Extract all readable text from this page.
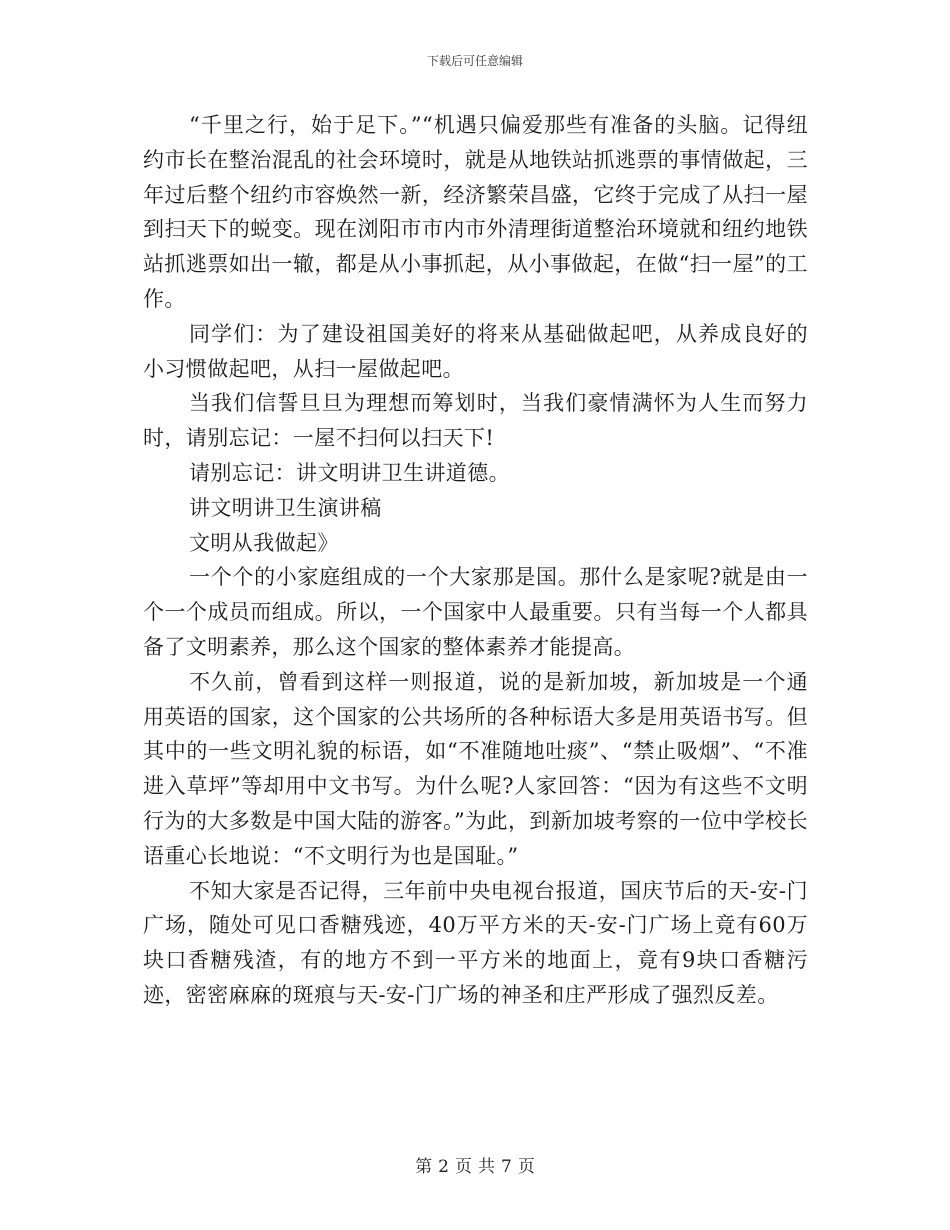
下载后可任意编辑

“千里之行，始于足下。”“机遇只偏爱那些有准备的头脑。记得纽约市长在整治混乱的社会环境时，就是从地铁站抓逃票的事情做起，三年过后整个纽约市容焕然一新，经济繁荣昌盛，它终于完成了从扫一屋到扫天下的蜕变。现在浏阳市市内市外清理街道整治环境就和纽约地铁站抓逃票如出一辙，都是从小事抓起，从小事做起，在做“扫一屋”的工作。

同学们：为了建设祖国美好的将来从基础做起吧，从养成良好的小习惯做起吧，从扫一屋做起吧。

当我们信誓旦旦为理想而筹划时，当我们豪情满怀为人生而努力时，请别忘记：一屋不扫何以扫天下!

请别忘记：讲文明讲卫生讲道德。

讲文明讲卫生演讲稿

文明从我做起》

一个个的小家庭组成的一个大家那是国。那什么是家呢?就是由一个一个成员而组成。所以，一个国家中人最重要。只有当每一个人都具备了文明素养，那么这个国家的整体素养才能提高。

不久前，曾看到这样一则报道，说的是新加坡，新加坡是一个通用英语的国家，这个国家的公共场所的各种标语大多是用英语书写。但其中的一些文明礼貌的标语，如“不准随地吐痰”、“禁止吸烟”、“不准进入草坪”等却用中文书写。为什么呢?人家回答：“因为有这些不文明行为的大多数是中国大陆的游客。”为此，到新加坡考察的一位中学校长语重心长地说：“不文明行为也是国耻。”

不知大家是否记得，三年前中央电视台报道，国庆节后的天-安-门广场，随处可见口香糖残迹，40万平方米的天-安-门广场上竟有60万块口香糖残渣，有的地方不到一平方米的地面上，竟有9块口香糖污迹，密密麻麻的斑痕与天-安-门广场的神圣和庄严形成了强烈反差。

第 2 页 共 7 页
